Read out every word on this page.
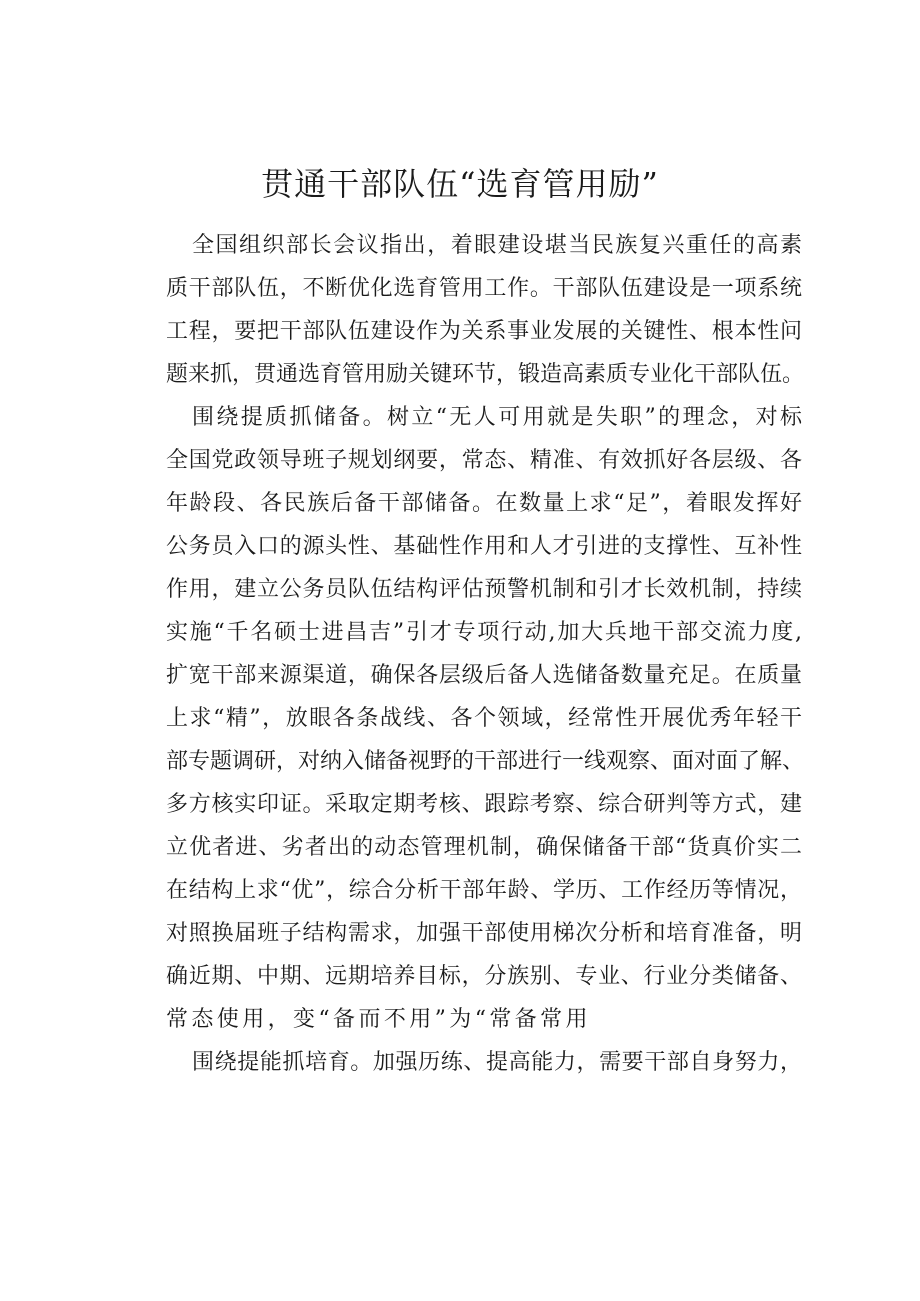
贯通干部队伍“选育管用励”
全国组织部长会议指出，着眼建设堪当民族复兴重任的高素
质干部队伍，不断优化选育管用工作。干部队伍建设是一项系统
工程，要把干部队伍建设作为关系事业发展的关键性、根本性问
题来抓，贯通选育管用励关键环节，锻造高素质专业化干部队伍。
围绕提质抓储备。树立“无人可用就是失职”的理念，对标
全国党政领导班子规划纲要，常态、精准、有效抓好各层级、各
年龄段、各民族后备干部储备。在数量上求“足”，着眼发挥好
公务员入口的源头性、基础性作用和人才引进的支撑性、互补性
作用，建立公务员队伍结构评估预警机制和引才长效机制，持续
实施“千名硕士进昌吉”引才专项行动,加大兵地干部交流力度,
扩宽干部来源渠道，确保各层级后备人选储备数量充足。在质量
上求“精”，放眼各条战线、各个领域，经常性开展优秀年轻干
部专题调研，对纳入储备视野的干部进行一线观察、面对面了解、
多方核实印证。采取定期考核、跟踪考察、综合研判等方式，建
立优者进、劣者出的动态管理机制，确保储备干部“货真价实二
在结构上求“优”，综合分析干部年龄、学历、工作经历等情况，
对照换届班子结构需求，加强干部使用梯次分析和培育准备，明
确近期、中期、远期培养目标，分族别、专业、行业分类储备、
常态使用，变“备而不用”为“常备常用
围绕提能抓培育。加强历练、提高能力，需要干部自身努力，
